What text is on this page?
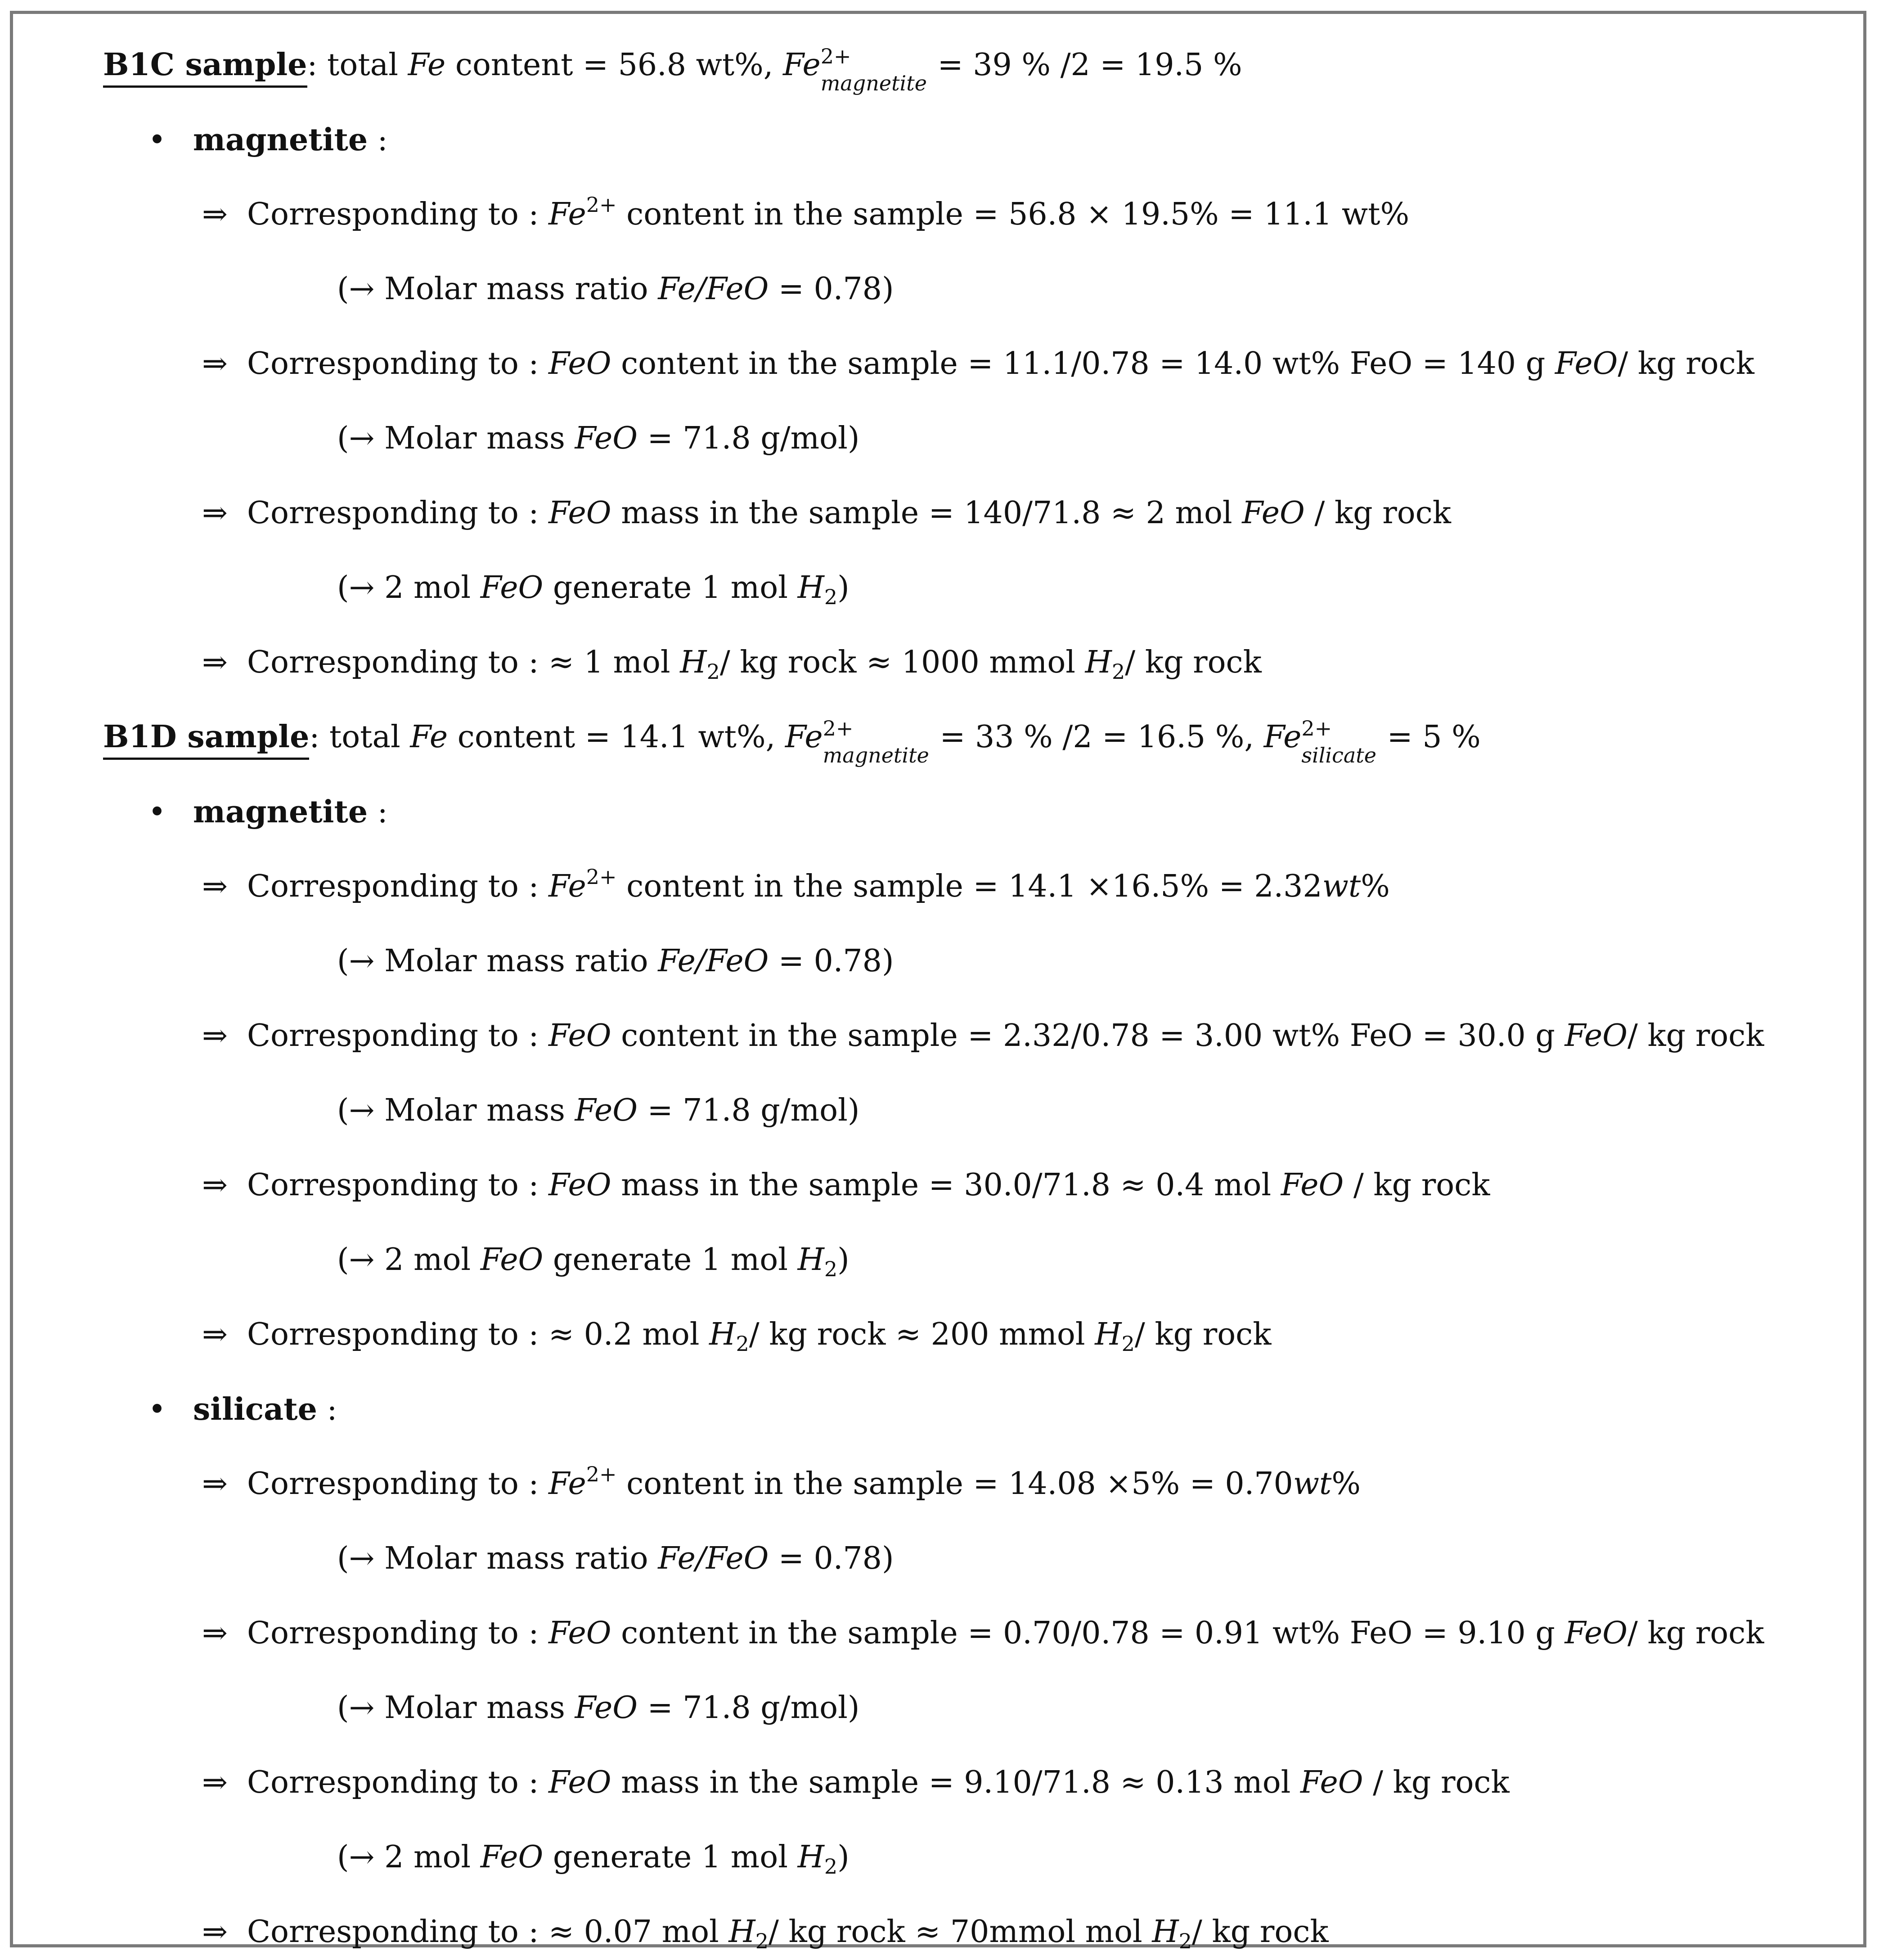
B1C sample: total Fe content = 56.8 wt%, Fe 2+
magnetite
= 39 % /2 = 19.5 %
• magnetite :
⇒ Corresponding to : $Fe^{2+}$ content in the sample = 56.8 × 19.5% = 11.1 wt%
(→ Molar mass ratio Fe/FeO = 0.78)
⇒ Corresponding to : FeO content in the sample = 11.1/0.78 = 14.0 wt% FeO = 140 g FeO/ kg rock
(→ Molar mass FeO = 71.8 g/mol)
⇒ Corresponding to : FeO mass in the sample = 140/71.8 ≈ 2 mol FeO / kg rock
(→ 2 mol FeO generate 1 mol $H_2$)
⇒ Corresponding to : ≈ 1 mol $H_2/$ kg rock ≈ 1000 mmol $H_2/$ kg rock
B1D sample: total Fe content = 14.1 wt%, Fe 2+
magnetite
= 33 % /2 = 16.5 %, Fe 2+
silicate
= 5 %
• magnetite :
⇒ Corresponding to : $Fe^{2+}$ content in the sample = 14.1 ×16.5% = 2.32wt%
(→ Molar mass ratio Fe/FeO = 0.78)
⇒ Corresponding to : FeO content in the sample = 2.32/0.78 = 3.00 wt% FeO = 30.0 g FeO/ kg rock
(→ Molar mass FeO = 71.8 g/mol)
⇒ Corresponding to : FeO mass in the sample = 30.0/71.8 ≈ 0.4 mol FeO / kg rock
(→ 2 mol FeO generate 1 mol $H_2$)
⇒ Corresponding to : ≈ 0.2 mol $H_2/$ kg rock ≈ 200 mmol $H_2/$ kg rock
• silicate :
⇒ Corresponding to : $Fe^{2+}$ content in the sample = 14.08 ×5% = 0.70wt%
(→ Molar mass ratio Fe/FeO = 0.78)
⇒ Corresponding to : FeO content in the sample = 0.70/0.78 = 0.91 wt% FeO = 9.10 g FeO/ kg rock
(→ Molar mass FeO = 71.8 g/mol)
⇒ Corresponding to : FeO mass in the sample = 9.10/71.8 ≈ 0.13 mol FeO / kg rock
(→ 2 mol FeO generate 1 mol $H_2$)
⇒ Corresponding to : ≈ 0.07 mol $H_2/$ kg rock ≈ 70mmol mol $H_2/$ kg rock
